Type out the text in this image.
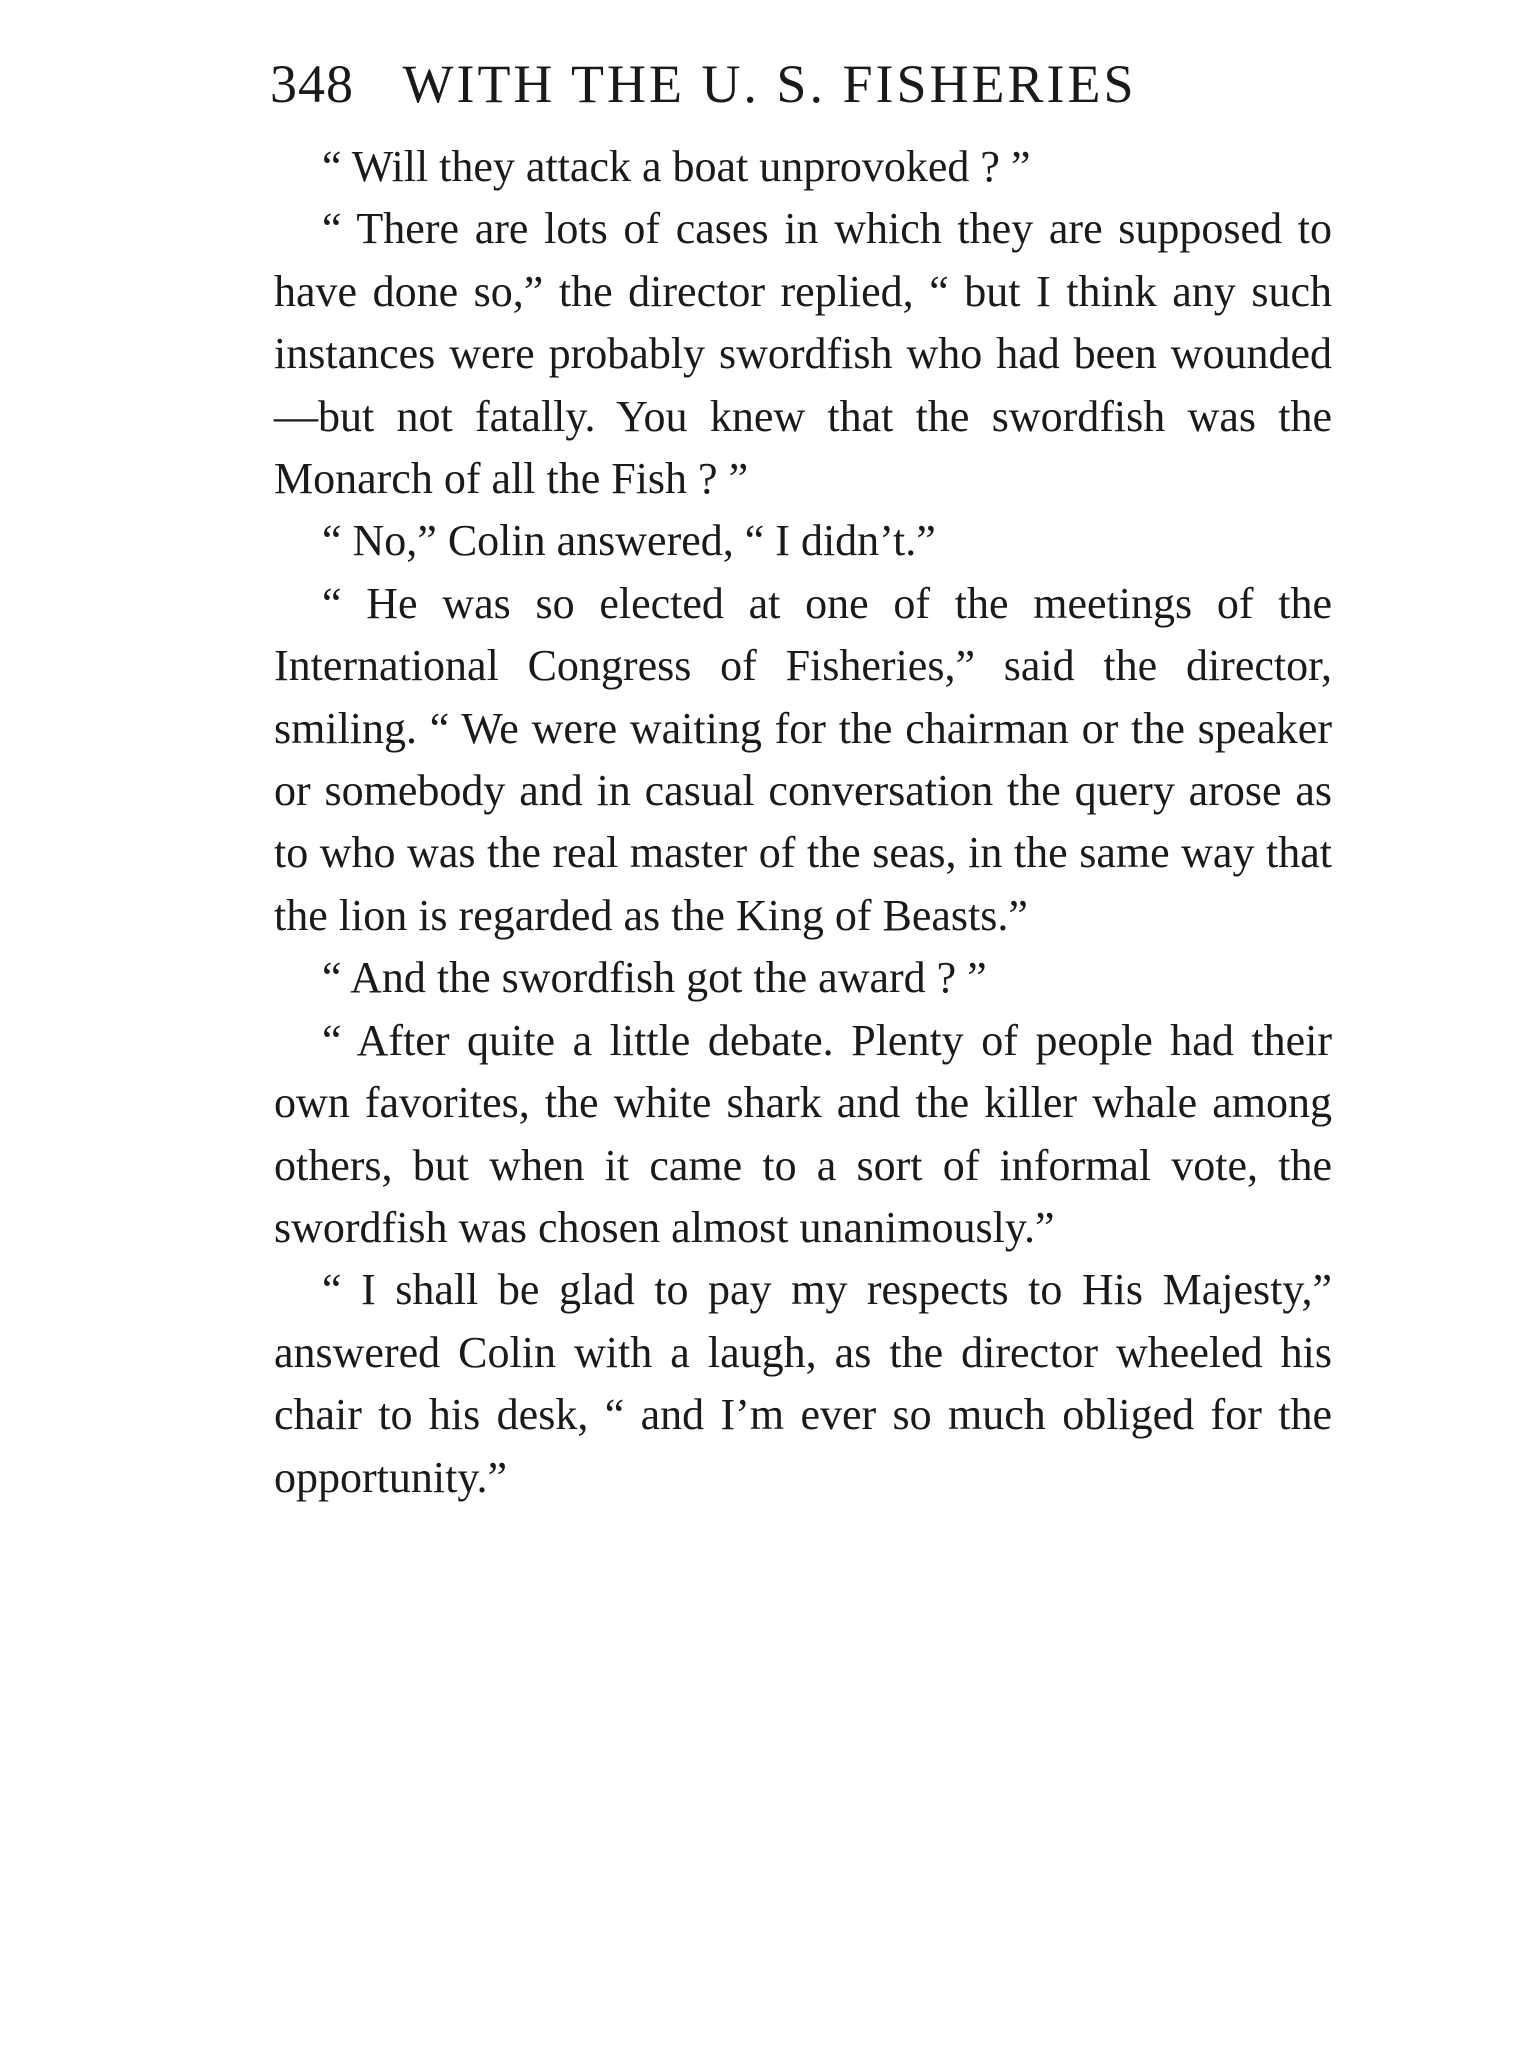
348 WITH THE U. S. FISHERIES

“ Will they attack a boat unprovoked ? ”

“ There are lots of cases in which they are supposed to have done so,” the director replied, “ but I think any such instances were probably swordfish who had been wounded—but not fatally. You knew that the swordfish was the Monarch of all the Fish ? ”

“ No,” Colin answered, “ I didn’t.”

“ He was so elected at one of the meetings of the International Congress of Fisheries,” said the director, smiling. “ We were waiting for the chairman or the speaker or somebody and in casual conversation the query arose as to who was the real master of the seas, in the same way that the lion is regarded as the King of Beasts.”

“ And the swordfish got the award ? ”

“ After quite a little debate. Plenty of people had their own favorites, the white shark and the killer whale among others, but when it came to a sort of informal vote, the swordfish was chosen almost unanimously.”

“ I shall be glad to pay my respects to His Majesty,” answered Colin with a laugh, as the director wheeled his chair to his desk, “ and I’m ever so much obliged for the opportunity.”
